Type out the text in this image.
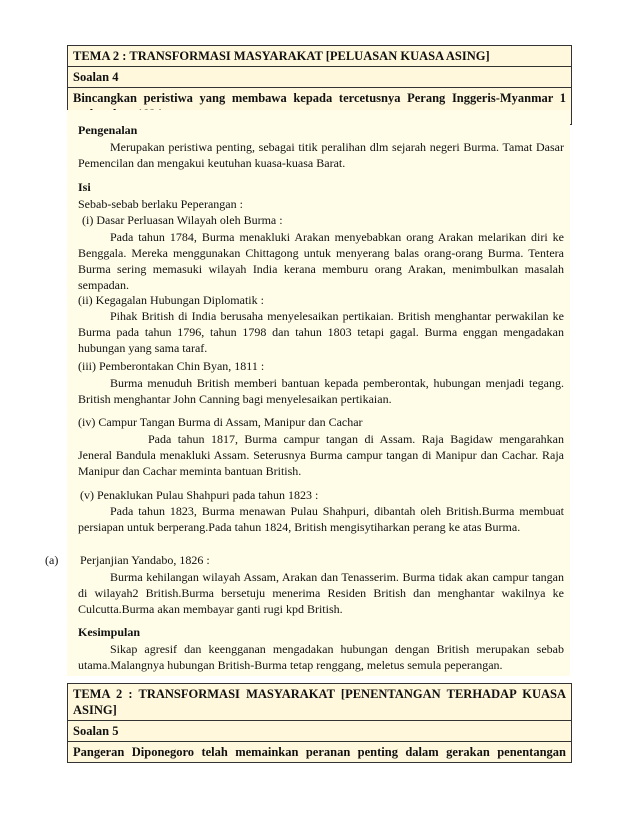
TEMA 2 : TRANSFORMASI MASYARAKAT [PELUASAN KUASA ASING]
Soalan 4
Bincangkan peristiwa yang membawa kepada tercetusnya Perang Inggeris-Myanmar 1
Pengenalan
Merupakan peristiwa penting, sebagai titik peralihan dlm sejarah negeri Burma. Tamat Dasar Pemencilan dan mengakui keutuhan kuasa-kuasa Barat.
Isi
Sebab-sebab berlaku Peperangan :
(i) Dasar Perluasan Wilayah oleh Burma :
Pada tahun 1784, Burma menakluki Arakan menyebabkan orang Arakan melarikan diri ke Benggala. Mereka menggunakan Chittagong untuk menyerang balas orang-orang Burma. Tentera Burma sering memasuki wilayah India kerana memburu orang Arakan, menimbulkan masalah sempadan.
(ii) Kegagalan Hubungan Diplomatik :
Pihak British di India berusaha menyelesaikan pertikaian. British menghantar perwakilan ke Burma pada tahun 1796, tahun 1798 dan tahun 1803 tetapi gagal. Burma enggan mengadakan hubungan yang sama taraf.
(iii) Pemberontakan Chin Byan, 1811 :
Burma menuduh British memberi bantuan kepada pemberontak, hubungan menjadi tegang. British menghantar John Canning bagi menyelesaikan pertikaian.
(iv) Campur Tangan Burma di Assam, Manipur dan Cachar
Pada tahun 1817, Burma campur tangan di Assam. Raja Bagidaw mengarahkan Jeneral Bandula menakluki Assam. Seterusnya Burma campur tangan di Manipur dan Cachar. Raja Manipur dan Cachar meminta bantuan British.
(v) Penaklukan Pulau Shahpuri pada tahun 1823 :
Pada tahun 1823, Burma menawan Pulau Shahpuri, dibantah oleh British.Burma membuat persiapan untuk berperang.Pada tahun 1824, British mengisytiharkan perang ke atas Burma.
(a) Perjanjian Yandabo, 1826 :
Burma kehilangan wilayah Assam, Arakan dan Tenasserim. Burma tidak akan campur tangan di wilayah2 British.Burma bersetuju menerima Residen British dan menghantar wakilnya ke Culcutta.Burma akan membayar ganti rugi kpd British.
Kesimpulan
Sikap agresif dan keengganan mengadakan hubungan dengan British merupakan sebab utama.Malangnya hubungan British-Burma tetap renggang, meletus semula peperangan.
TEMA 2 : TRANSFORMASI MASYARAKAT [PENENTANGAN TERHADAP KUASA
ASING]
Soalan 5
Pangeran Diponegoro telah memainkan peranan penting dalam gerakan penentangan
